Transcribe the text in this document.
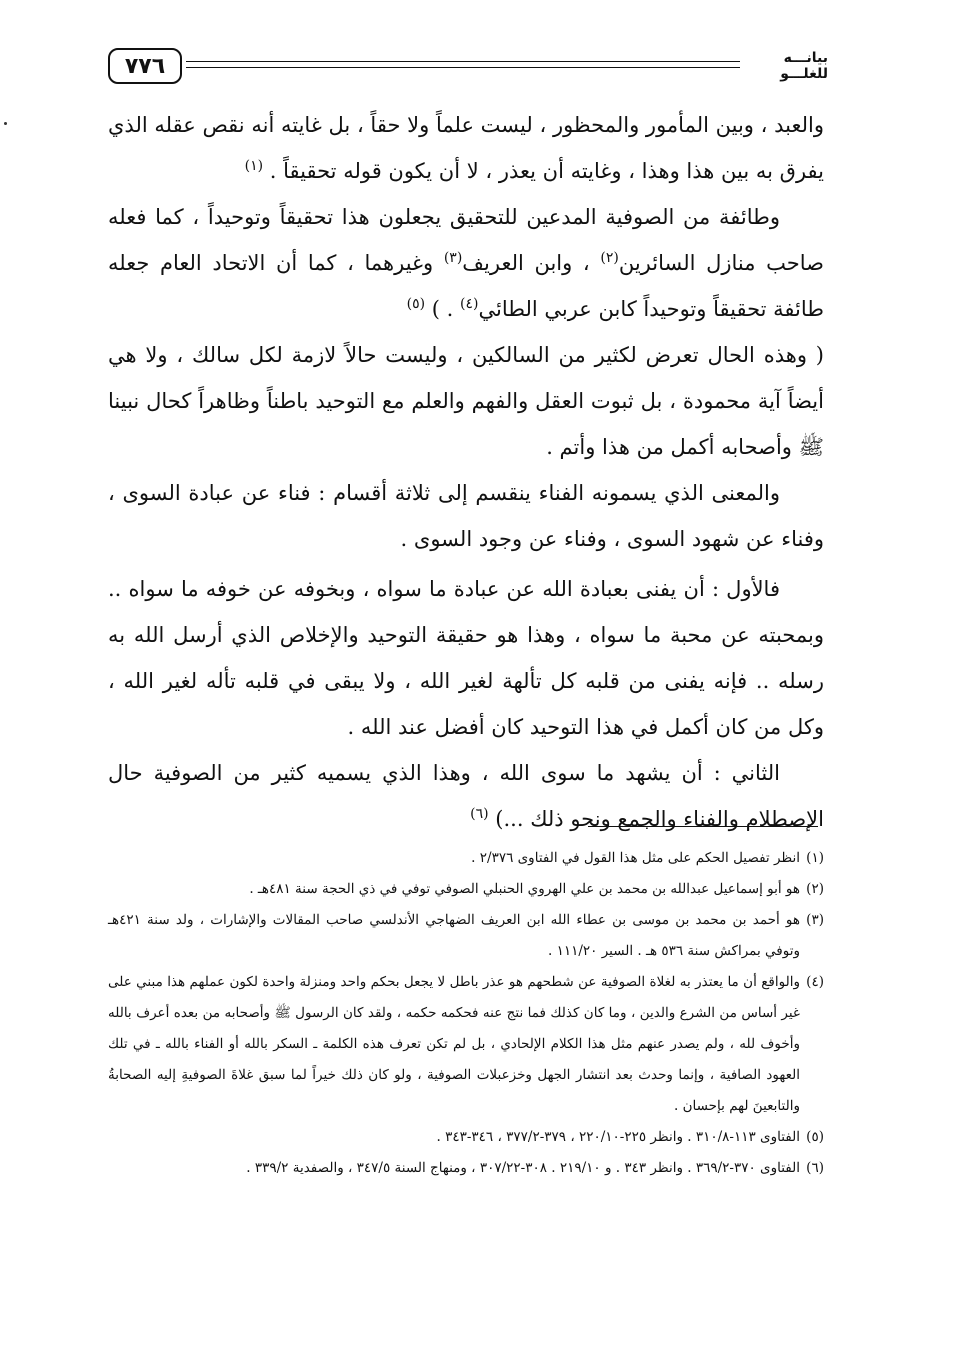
٧٧٦	بيانـــه للغلـــو

والعبد ، وبين المأمور والمحظور ، ليست علماً ولا حقاً ، بل غايته أنه نقص عقله الذي يفرق به بين هذا وهذا ، وغايته أن يعذر ، لا أن يكون قوله تحقيقاً . $^{(١)}$

وطائفة من الصوفية المدعين للتحقيق يجعلون هذا تحقيقاً وتوحيداً ، كما فعله صاحب منازل السائرين$^{(٢)}$ ، وابن العريف$^{(٣)}$ وغيرهما ، كما أن الاتحاد العام جعله طائفة تحقيقاً وتوحيداً كابن عربي الطائي$^{(٤)}$ . ) $^{(٥)}$

( وهذه الحال تعرض لكثير من السالكين ، وليست حالاً لازمة لكل سالك ، ولا هي أيضاً آية محمودة ، بل ثبوت العقل والفهم والعلم مع التوحيد باطناً وظاهراً كحال نبينا ﷺ وأصحابه أكمل من هذا وأتم .

والمعنى الذي يسمونه الفناء ينقسم إلى ثلاثة أقسام : فناء عن عبادة السوى ، وفناء عن شهود السوى ، وفناء عن وجود السوى .

فالأول : أن يفنى بعبادة الله عن عبادة ما سواه ، وبخوفه عن خوفه ما سواه .. وبمحبته عن محبة ما سواه ، وهذا هو حقيقة التوحيد والإخلاص الذي أرسل الله به رسله .. فإنه يفنى من قلبه كل تألهة لغير الله ، ولا يبقى في قلبه تأله لغير الله ، وكل من كان أكمل في هذا التوحيد كان أفضل عند الله .

الثاني : أن يشهد ما سوى الله ، وهذا الذي يسميه كثير من الصوفية حال الإصطلام والفناء والجمع ونحو ذلك ...) $^{(٦)}$

(١)
انظر تفصيل الحكم على مثل هذا القول في الفتاوى ٢/٣٧٦ .

(٢)
هو أبو إسماعيل عبدالله بن محمد بن علي الهروي الحنبلي الصوفي توفي في ذي الحجة سنة ٤٨١هـ .

(٣)
هو أحمد بن محمد بن موسى بن عطاء الله ابن العريف الضهاجي الأندلسي صاحب المقالات والإشارات ، ولد سنة ٤٢١هـ وتوفي بمراكش سنة ٥٣٦ هـ . السير ١١١/٢٠ .

(٤)
والواقع أن ما يعتذر به لغلاة الصوفية عن شطحهم هو عذر باطل لا يجعل بحكم واحد ومنزلة واحدة لكون عملهم هذا مبني على غير أساس من الشرع والدين ، وما كان كذلك فما نتج عنه فحكمه حكمه ، ولقد كان الرسول ﷺ وأصحابه من بعده أعرف بالله وأخوف لله ، ولم يصدر عنهم مثل هذا الكلام الإلحادي ، بل لم تكن تعرف هذه الكلمة ـ السكر بالله أو الفناء بالله ـ في تلك العهود الصافية ، وإنما وحدث بعد انتشار الجهل وخزعبلات الصوفية ، ولو كان ذلك خيراً لما سبق غلاةَ الصوفيةِ إليه الصحابةُ والتابعينَ لهم بإحسان .

(٥)
الفتاوى ١١٣-٣١٠/٨ . وانظر ٢٢٥-٢٢٠/١٠ ، ٣٧٩-٣٧٧/٢ ، ٣٤٦-٣٤٣ .

(٦)
الفتاوى ٣٧٠-٣٦٩/٢ . وانظر ٣٤٣ . و ٢١٩/١٠ . ٣٠٨-٣٠٧/٢٢ ، ومنهاج السنة ٣٤٧/٥ ، والصفدية ٣٣٩/٢ .
